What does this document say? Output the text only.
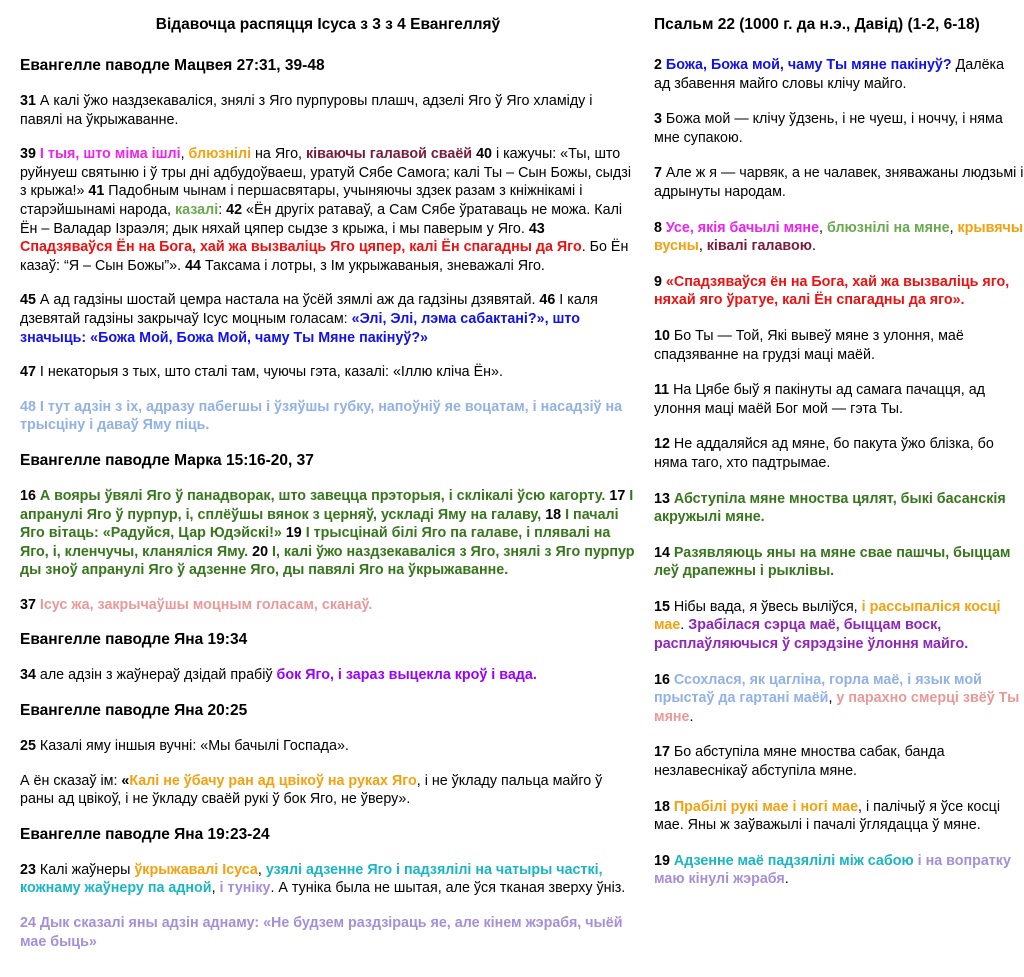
Відавочца распяцця Ісуса з 3 з 4 Евангелляў
Евангелле паводле Мацвея 27:31, 39-48

31 А калі ўжо наздзекаваліся, знялі з Яго пурпуровы плашч, адзелі Яго ў Яго хламіду і павялі на ўкрыжаванне.

39 І тыя, што міма ішлі, блюзнілі на Яго, ківаючы галавой сваёй 40 і кажучы: «Ты, што руйнуеш святыню і ў тры дні адбудоўваеш, уратуй Сябе Самога; калі Ты – Сын Божы, сыдзі з крыжа!» 41 Падобным чынам і першасвятары, учыняючы здзек разам з кніжнікамі і старэйшынамі народа, казалі: 42 «Ён другіх ратаваў, а Сам Сябе ўратаваць не можа. Калі Ён – Валадар Ізраэля; дык няхай цяпер сыдзе з крыжа, і мы паверым у Яго. 43 Спадзяваўся Ён на Бога, хай жа вызваліць Яго цяпер, калі Ён спагадны да Яго. Бо Ён казаў: “Я – Сын Божы”». 44 Таксама і лотры, з Ім укрыжаваныя, зневажалі Яго.

45 А ад гадзіны шостай цемра настала на ўсёй зямлі аж да гадзіны дзявятай. 46 І каля дзевятай гадзіны закрычаў Ісус моцным голасам: «Элі, Элі, лэма сабактані?», што значыць: «Божа Мой, Божа Мой, чаму Ты Мяне пакінуў?»

47 І некаторыя з тых, што сталі там, чуючы гэта, казалі: «Іллю кліча Ён».

48 І тут адзін з іх, адразу пабегшы і ўзяўшы губку, напоўніў яе воцатам, і насадзіў на трысціну і даваў Яму піць.

Евангелле паводле Марка 15:16-20, 37

16 А вояры ўвялі Яго ў панадворак, што завецца прэторыя, і склікалі ўсю кагорту. 17 І апранулі Яго ў пурпур, і, сплёўшы вянок з церняў, ускладі Яму на галаву, 18 І пачалі Яго вітаць: «Радуйся, Цар Юдэйскі!» 19 І трысцінай білі Яго па галаве, і плявалі на Яго, і, кленчучы, кланяліся Яму. 20 І, калі ўжо наздзекаваліся з Яго, знялі з Яго пурпур ды зноў апранулі Яго ў адзенне Яго, ды павялі Яго на ўкрыжаванне.

37 Ісус жа, закрычаўшы моцным голасам, сканаў.

Евангелле паводле Яна 19:34

34 але адзін з жаўнераў дзідай прабіў бок Яго, і зараз выцекла кроў і вада.

Евангелле паводле Яна 20:25

25 Казалі яму іншыя вучні: «Мы бачылі Госпада».

А ён сказаў ім: «Калі не ўбачу ран ад цвікоў на руках Яго, і не ўкладу пальца майго ў раны ад цвікоў, і не ўкладу сваёй рукі ў бок Яго, не ўверу».

Евангелле паводле Яна 19:23-24

23 Калі жаўнеры ўкрыжавалі Ісуса, узялі адзенне Яго і падзялілі на чатыры часткі, кожнаму жаўнеру па адной, і туніку. А туніка была не шытая, але ўся тканая зверху ўніз.

24 Дык сказалі яны адзін аднаму: «Не будзем раздзіраць яе, але кінем жэрабя, чыёй мае быць»

Псальм 22 (1000 г. да н.э., Давід) (1-2, 6-18)

2 Божа, Божа мой, чаму Ты мяне пакінуў? Далёка ад збавення майго словы клічу майго.

3 Божа мой — клічу ўдзень, і не чуеш, і ноччу, і няма мне супакою.

7 Але ж я — чарвяк, а не чалавек, зняважаны людзьмі і адрынуты народам.

8 Усе, якія бачылі мяне, блюзнілі на мяне, крывячы вусны, ківалі галавою.

9 «Спадзяваўся ён на Бога, хай жа вызваліць яго, няхай яго ўратуе, калі Ён спагадны да яго».

10 Бо Ты — Той, Які вывеў мяне з улоння, маё спадзяванне на грудзі маці маёй.

11 На Цябе быў я пакінуты ад самага пачацця, ад улоння маці маёй Бог мой — гэта Ты.

12 Не аддаляйся ад мяне, бо пакута ўжо блізка, бо няма таго, хто падтрымае.

13 Абступіла мяне мноства цялят, быкі басанскія акружылі мяне.

14 Разявляюць яны на мяне свае пашчы, быццам леў драпежны і рыклівы.

15 Нібы вада, я ўвесь выліўся, і рассыпаліся косці мае. Зрабілася сэрца маё, быццам воск, расплаўляючыся ў сярэдзіне ўлоння майго.

16 Ссохлася, як цагліна, горла маё, і язык мой прыстаў да гартані маёй, у парахно смерці звёў Ты мяне.

17 Бо абступіла мяне мноства сабак, банда незлавеснікаў абступіла мяне.

18 Прабілі рукі мае і ногі мае, і палічыў я ўсе косці мае. Яны ж заўважылі і пачалі ўглядацца ў мяне.

19 Адзенне маё падзялілі між сабою і на вопратку маю кінулі жэрабя.
